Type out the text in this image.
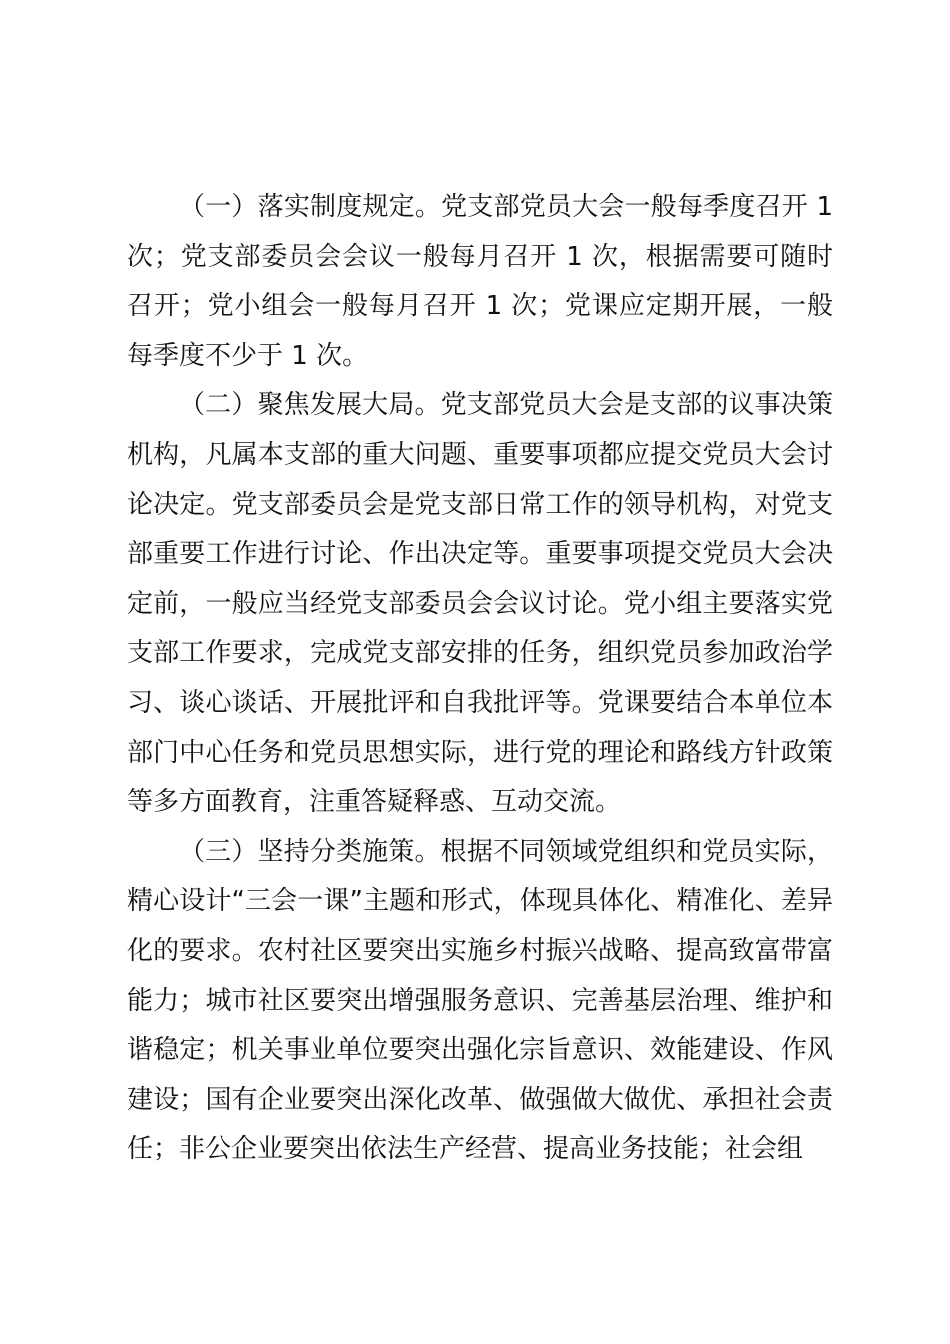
（一）落实制度规定。党支部党员大会一般每季度召开 1 次；党支部委员会会议一般每月召开 1 次，根据需要可随时召开；党小组会一般每月召开 1 次；党课应定期开展，一般每季度不少于 1 次。

（二）聚焦发展大局。党支部党员大会是支部的议事决策机构，凡属本支部的重大问题、重要事项都应提交党员大会讨论决定。党支部委员会是党支部日常工作的领导机构，对党支部重要工作进行讨论、作出决定等。重要事项提交党员大会决定前，一般应当经党支部委员会会议讨论。党小组主要落实党支部工作要求，完成党支部安排的任务，组织党员参加政治学习、谈心谈话、开展批评和自我批评等。党课要结合本单位本部门中心任务和党员思想实际，进行党的理论和路线方针政策等多方面教育，注重答疑释惑、互动交流。

（三）坚持分类施策。根据不同领域党组织和党员实际，精心设计“三会一课”主题和形式，体现具体化、精准化、差异化的要求。农村社区要突出实施乡村振兴战略、提高致富带富能力；城市社区要突出增强服务意识、完善基层治理、维护和谐稳定；机关事业单位要突出强化宗旨意识、效能建设、作风建设；国有企业要突出深化改革、做强做大做优、承担社会责任；非公企业要突出依法生产经营、提高业务技能；社会组
